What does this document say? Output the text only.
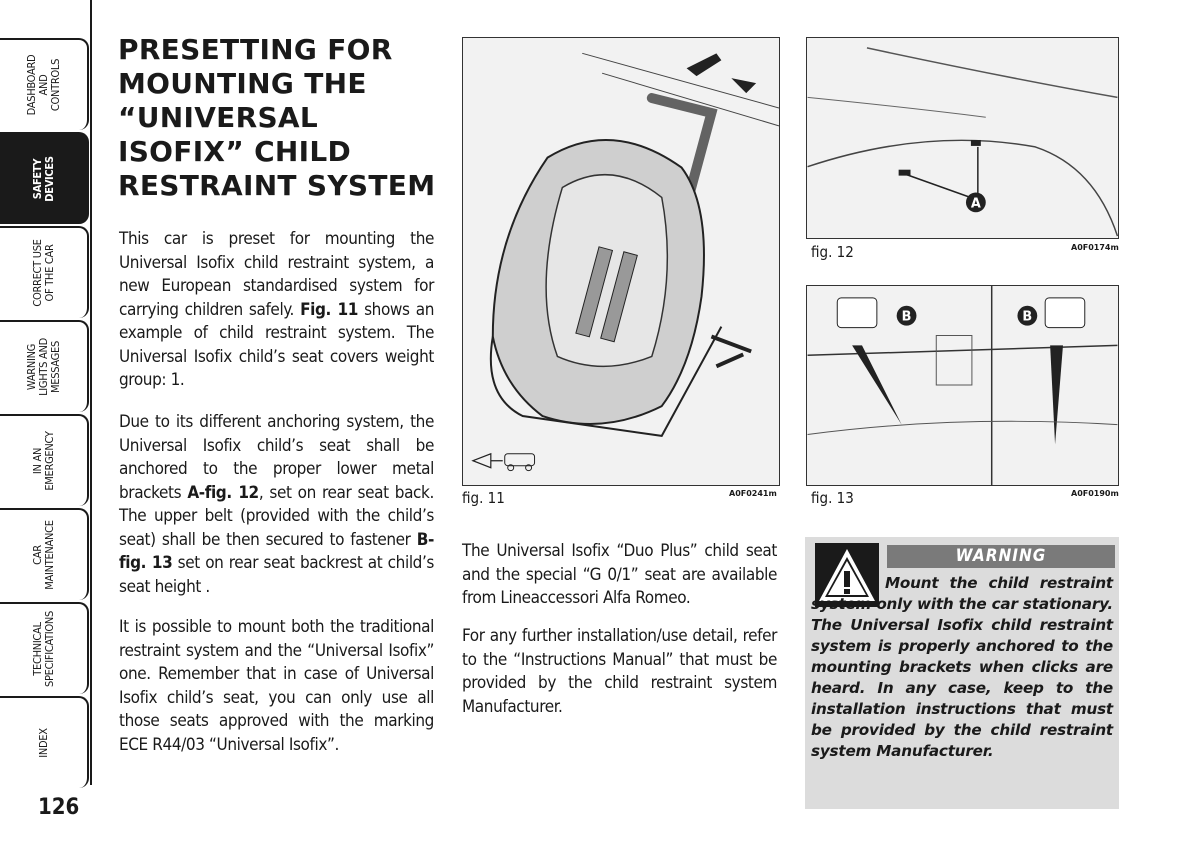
DASHBOARD
AND
CONTROLS
SAFETY
DEVICES
CORRECT USE
OF THE CAR
WARNING
LIGHTS AND
MESSAGES
IN AN
EMERGENCY
CAR
MAINTENANCE
TECHNICAL
SPECIFICATIONS
INDEX
126
PRESETTING FOR MOUNTING THE “UNIVERSAL ISOFIX” CHILD RESTRAINT SYSTEM

This car is preset for mounting the Universal Isofix child restraint system, a new European standardised system for carrying children safely. Fig. 11 shows an example of child restraint system. The Universal Isofix child’s seat covers weight group: 1.

Due to its different anchoring system, the Universal Isofix child’s seat shall be anchored to the proper lower metal brackets A-fig. 12, set on rear seat back. The upper belt (provided with the child’s seat) shall be then secured to fastener B-fig. 13 set on rear seat backrest at child’s seat height .

It is possible to mount both the traditional restraint system and the “Universal Isofix” one. Remember that in case of Universal Isofix child’s seat, you can only use all those seats approved with the marking ECE R44/03 “Universal Isofix”.

fig. 11	A0F0241m
A
fig. 12	A0F0174m
B	B
fig. 13	A0F0190m

The Universal Isofix “Duo Plus” child seat and the special “G 0/1” seat are available from Lineaccessori Alfa Romeo.

For any further installation/use detail, refer to the “Instructions Manual” that must be provided by the child restraint system Manufacturer.

WARNING

Mount the child restraint system only with the car stationary. The Universal Isofix child restraint system is properly anchored to the mounting brackets when clicks are heard. In any case, keep to the installation instructions that must be provided by the child restraint system Manufacturer.
